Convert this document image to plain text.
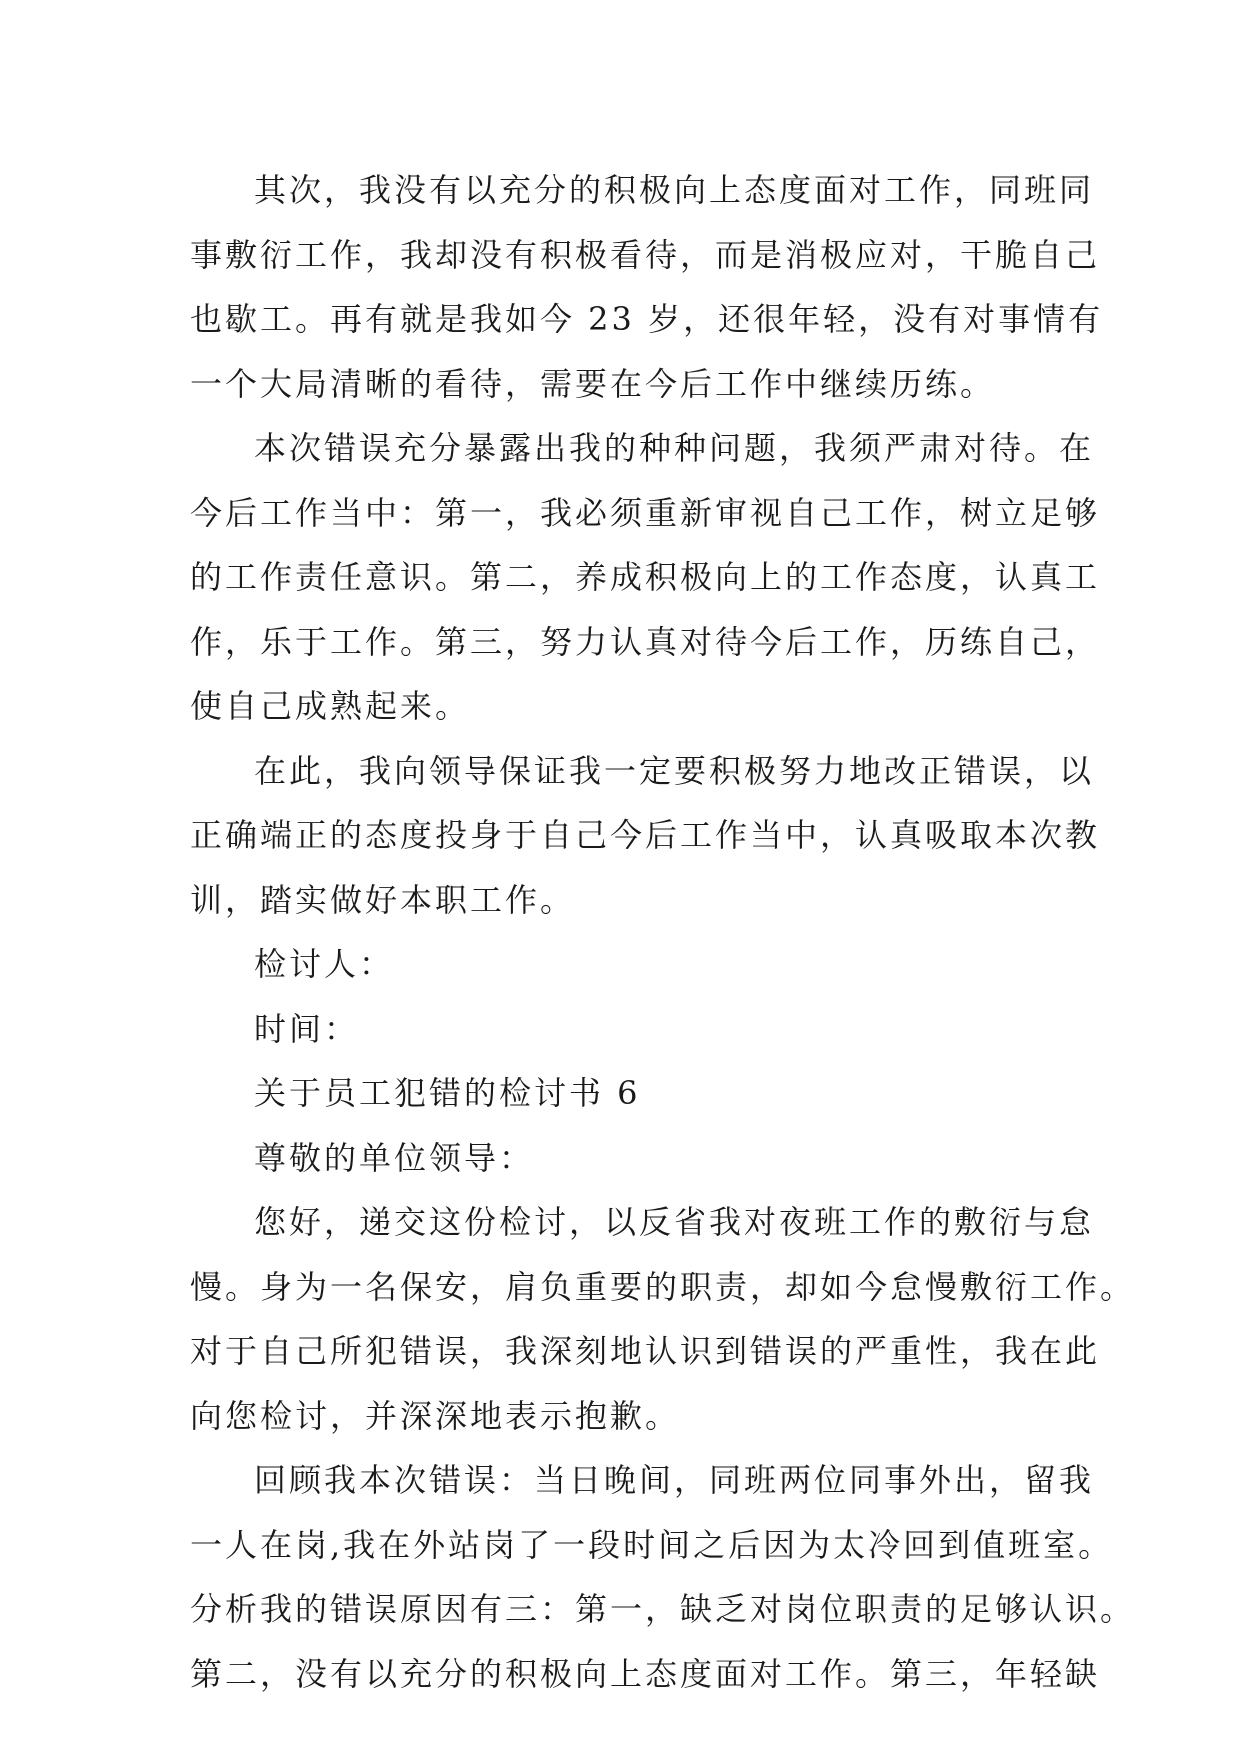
其次，我没有以充分的积极向上态度面对工作，同班同
事敷衍工作，我却没有积极看待，而是消极应对，干脆自己
也歇工。再有就是我如今 23 岁，还很年轻，没有对事情有
一个大局清晰的看待，需要在今后工作中继续历练。
本次错误充分暴露出我的种种问题，我须严肃对待。在
今后工作当中：第一，我必须重新审视自己工作，树立足够
的工作责任意识。第二，养成积极向上的工作态度，认真工
作，乐于工作。第三，努力认真对待今后工作，历练自己，
使自己成熟起来。
在此，我向领导保证我一定要积极努力地改正错误，以
正确端正的态度投身于自己今后工作当中，认真吸取本次教
训，踏实做好本职工作。
检讨人：
时间：
关于员工犯错的检讨书 6
尊敬的单位领导：
您好，递交这份检讨，以反省我对夜班工作的敷衍与怠
慢。身为一名保安，肩负重要的职责，却如今怠慢敷衍工作。
对于自己所犯错误，我深刻地认识到错误的严重性，我在此
向您检讨，并深深地表示抱歉。
回顾我本次错误：当日晚间，同班两位同事外出，留我
一人在岗,我在外站岗了一段时间之后因为太冷回到值班室。
分析我的错误原因有三：第一，缺乏对岗位职责的足够认识。
第二，没有以充分的积极向上态度面对工作。第三，年轻缺
